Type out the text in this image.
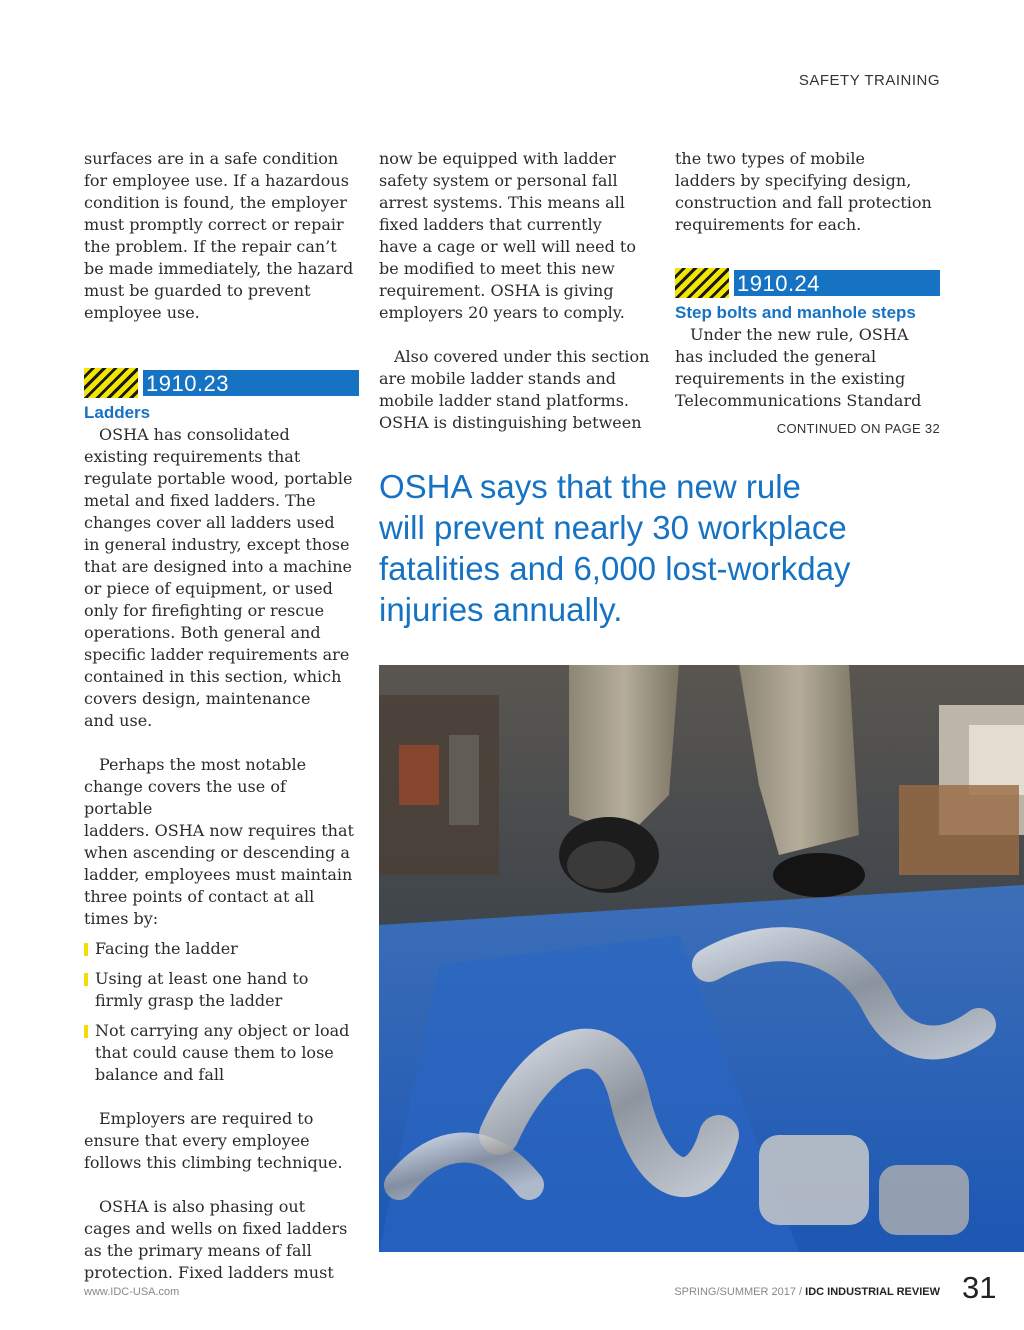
SAFETY TRAINING

surfaces are in a safe condition
for employee use. If a hazardous
condition is found, the employer
must promptly correct or repair
the problem. If the repair can’t
be made immediately, the hazard
must be guarded to prevent
employee use.

1910.23
Ladders

OSHA has consolidated
existing requirements that
regulate portable wood, portable
metal and fixed ladders. The
changes cover all ladders used
in general industry, except those
that are designed into a machine
or piece of equipment, or used
only for firefighting or rescue
operations. Both general and
specific ladder requirements are
contained in this section, which
covers design, maintenance
and use.

Perhaps the most notable
change covers the use of portable
ladders. OSHA now requires that
when ascending or descending a
ladder, employees must maintain
three points of contact at all
times by:

Facing the ladder
Using at least one hand to
firmly grasp the ladder
Not carrying any object or load
that could cause them to lose
balance and fall

Employers are required to
ensure that every employee
follows this climbing technique.

OSHA is also phasing out
cages and wells on fixed ladders
as the primary means of fall
protection. Fixed ladders must

now be equipped with ladder
safety system or personal fall
arrest systems. This means all
fixed ladders that currently
have a cage or well will need to
be modified to meet this new
requirement. OSHA is giving
employers 20 years to comply.

Also covered under this section
are mobile ladder stands and
mobile ladder stand platforms.
OSHA is distinguishing between

the two types of mobile
ladders by specifying design,
construction and fall protection
requirements for each.

1910.24
Step bolts and manhole steps

Under the new rule, OSHA
has included the general
requirements in the existing
Telecommunications Standard

CONTINUED ON PAGE 32

OSHA says that the new rule
will prevent nearly 30 workplace
fatalities and 6,000 lost-workday
injuries annually.

www.IDC-USA.com	SPRING/SUMMER 2017 / IDC INDUSTRIAL REVIEW 31
